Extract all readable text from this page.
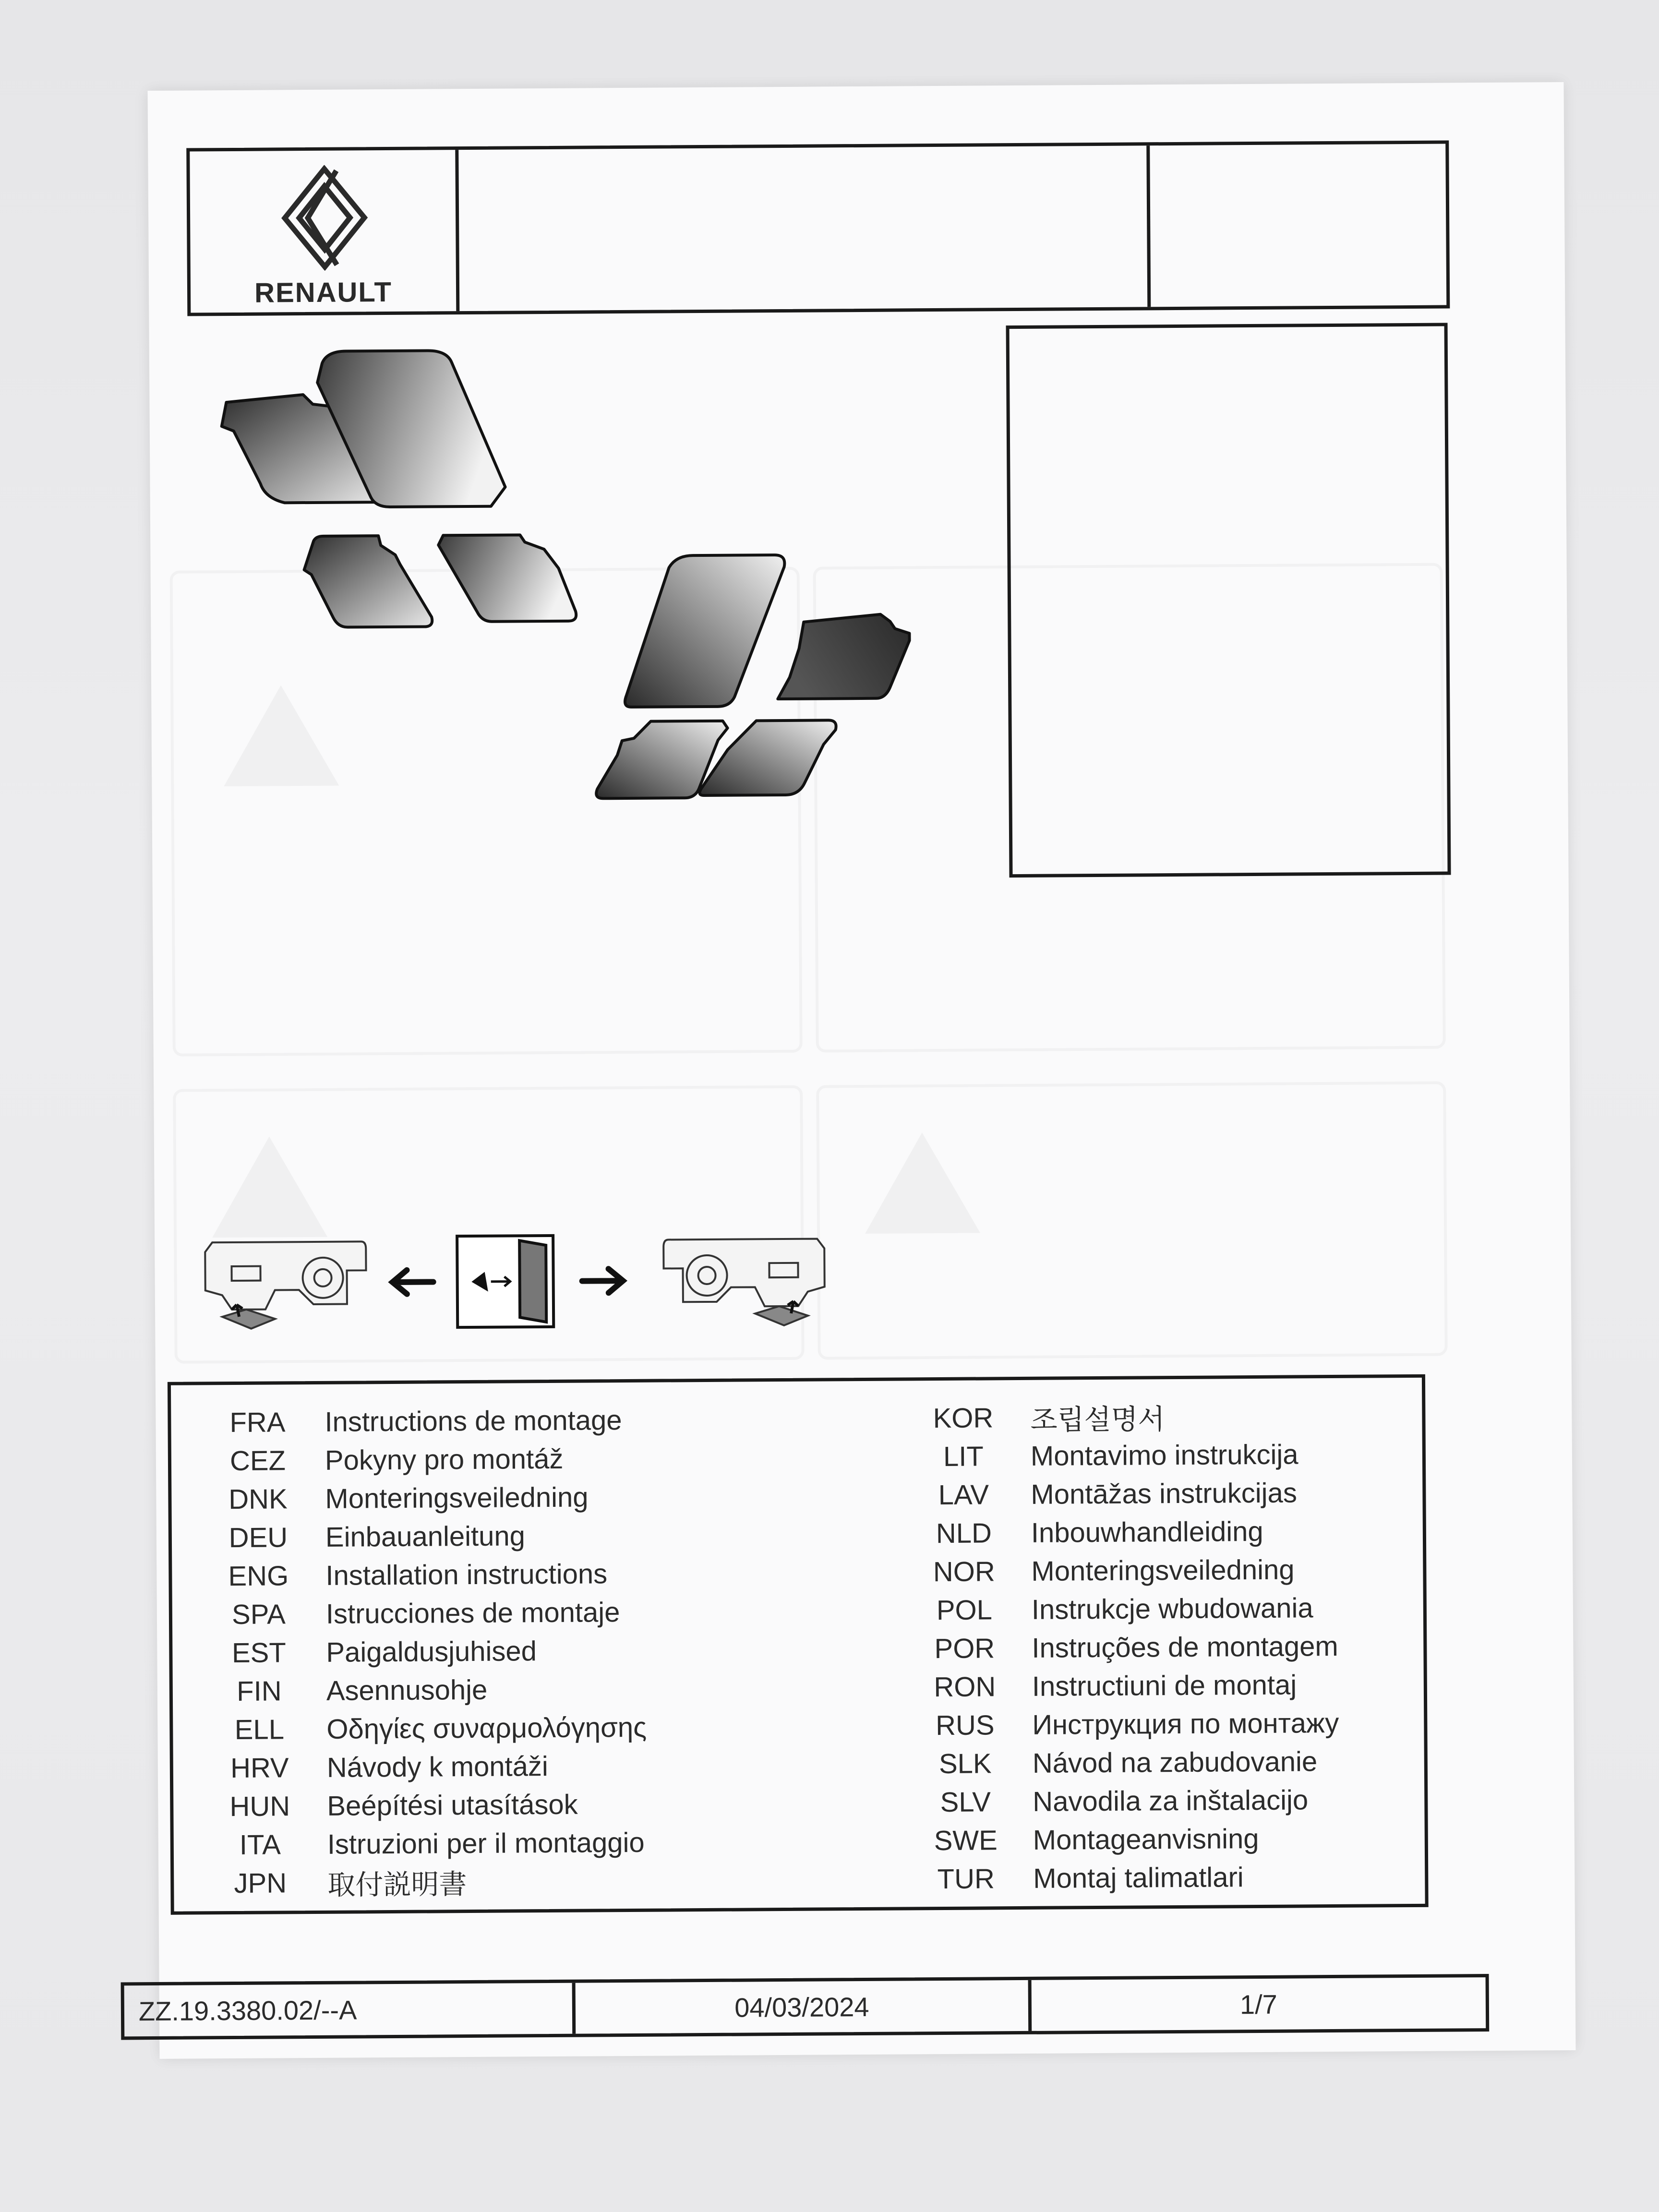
RENAULT
FRA	Instructions de montage
CEZ	Pokyny pro montáž
DNK	Monteringsveiledning
DEU	Einbauanleitung
ENG	Installation instructions
SPA	Istrucciones de montaje
EST	Paigaldusjuhised
FIN	Asennusohje
ELL	Οδηγίες συναρμολόγησης
HRV	Návody k montáži
HUN	Beépítési utasítások
ITA	Istruzioni per il montaggio
JPN	取付説明書
KOR	조립설명서
LIT	Montavimo instrukcija
LAV	Montāžas instrukcijas
NLD	Inbouwhandleiding
NOR	Monteringsveiledning
POL	Instrukcje wbudowania
POR	Instruções de montagem
RON	Instructiuni de montaj
RUS	Инструкция по монтажу
SLK	Návod na zabudovanie
SLV	Navodila za inštalacijo
SWE	Montageanvisning
TUR	Montaj talimatlari
ZZ.19.3380.02/--A	04/03/2024	1/7
